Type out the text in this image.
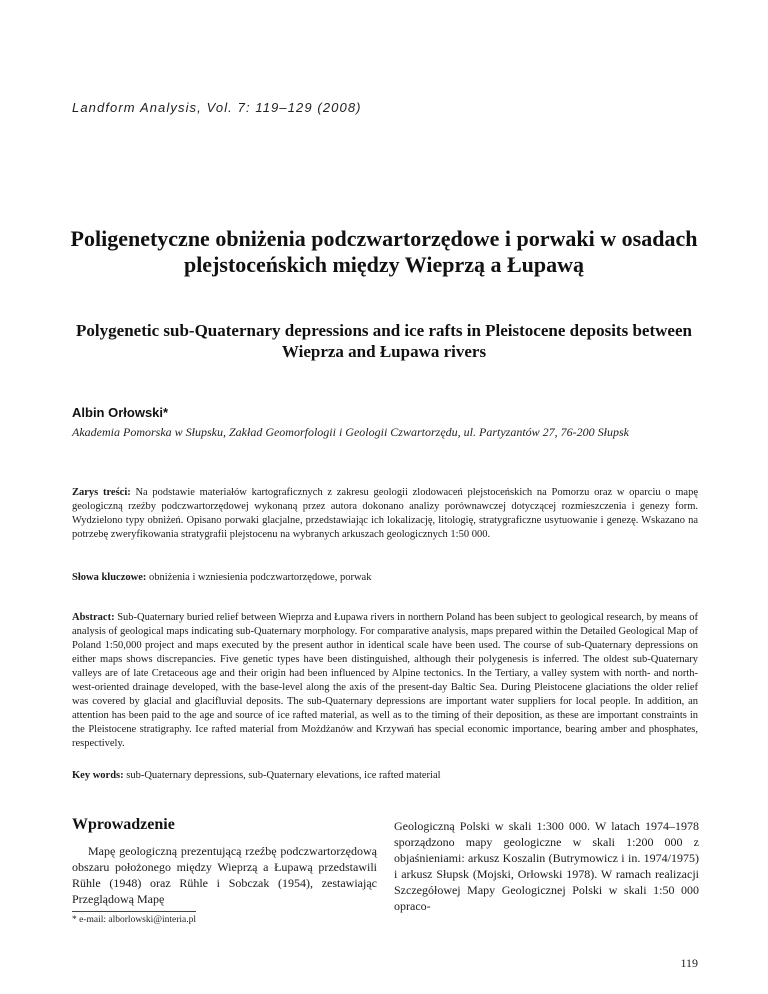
Landform Analysis, Vol. 7: 119–129 (2008)
Poligenetyczne obniżenia podczwartorzędowe i porwaki w osadach plejstoceńskich między Wieprzą a Łupawą
Polygenetic sub-Quaternary depressions and ice rafts in Pleistocene deposits between Wieprza and Łupawa rivers
Albin Orłowski*
Akademia Pomorska w Słupsku, Zakład Geomorfologii i Geologii Czwartorzędu, ul. Partyzantów 27, 76-200 Słupsk
Zarys treści: Na podstawie materiałów kartograficznych z zakresu geologii zlodowaceń plejstoceńskich na Pomorzu oraz w oparciu o mapę geologiczną rzeźby podczwartorzędowej wykonaną przez autora dokonano analizy porównawczej dotyczącej rozmieszczenia i genezy form. Wydzielono typy obniżeń. Opisano porwaki glacjalne, przedstawiając ich lokalizację, litologię, stratygraficzne usytuowanie i genezę. Wskazano na potrzebę zweryfikowania stratygrafii plejstocenu na wybranych arkuszach geologicznych 1:50 000.
Słowa kluczowe: obniżenia i wzniesienia podczwartorzędowe, porwak
Abstract: Sub-Quaternary buried relief between Wieprza and Łupawa rivers in northern Poland has been subject to geological research, by means of analysis of geological maps indicating sub-Quaternary morphology. For comparative analysis, maps prepared within the Detailed Geological Map of Poland 1:50,000 project and maps executed by the present author in identical scale have been used. The course of sub-Quaternary depressions on either maps shows discrepancies. Five genetic types have been distinguished, although their polygenesis is inferred. The oldest sub-Quaternary valleys are of late Cretaceous age and their origin had been influenced by Alpine tectonics. In the Tertiary, a valley system with north- and north-west-oriented drainage developed, with the base-level along the axis of the present-day Baltic Sea. During Pleistocene glaciations the older relief was covered by glacial and glacifluvial deposits. The sub-Quaternary depressions are important water suppliers for local people. In addition, an attention has been paid to the age and source of ice rafted material, as well as to the timing of their deposition, as these are important constraints in the Pleistocene stratigraphy. Ice rafted material from Możdżanów and Krzywań has special economic importance, bearing amber and phosphates, respectively.
Key words: sub-Quaternary depressions, sub-Quaternary elevations, ice rafted material
Wprowadzenie
Mapę geologiczną prezentującą rzeźbę podczwartorzędową obszaru położonego między Wieprzą a Łupawą przedstawili Rühle (1948) oraz Rühle i Sobczak (1954), zestawiając Przeglądową Mapę
Geologiczną Polski w skali 1:300 000. W latach 1974–1978 sporządzono mapy geologiczne w skali 1:200 000 z objaśnieniami: arkusz Koszalin (Butrymowicz i in. 1974/1975) i arkusz Słupsk (Mojski, Orłowski 1978). W ramach realizacji Szczegółowej Mapy Geologicznej Polski w skali 1:50 000 opraco-
* e-mail: alborlowski@interia.pl
119
